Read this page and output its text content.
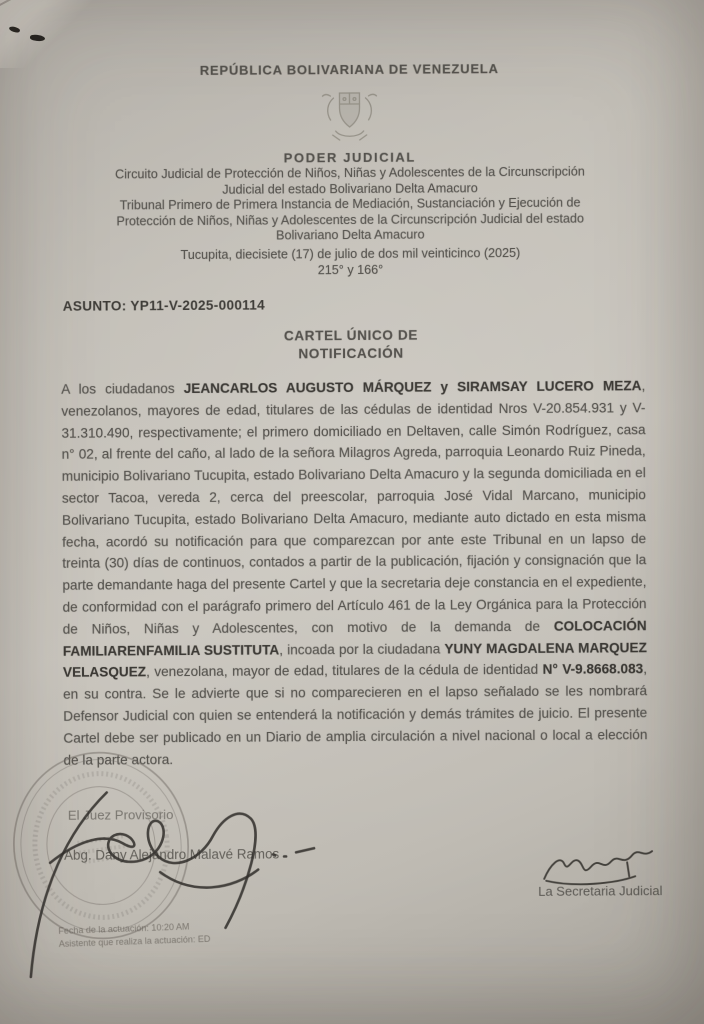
REPÚBLICA BOLIVARIANA DE VENEZUELA
PODER JUDICIAL
Circuito Judicial de Protección de Niños, Niñas y Adolescentes de la Circunscripción
Judicial del estado Bolivariano Delta Amacuro
Tribunal Primero de Primera Instancia de Mediación, Sustanciación y Ejecución de
Protección de Niños, Niñas y Adolescentes de la Circunscripción Judicial del estado
Bolivariano Delta Amacuro
Tucupita, diecisiete (17) de julio de dos mil veinticinco (2025)
215° y 166°
ASUNTO: YP11-V-2025-000114
CARTEL ÚNICO DE
NOTIFICACIÓN

A los ciudadanos JEANCARLOS AUGUSTO MÁRQUEZ y SIRAMSAY LUCERO MEZA, venezolanos, mayores de edad, titulares de las cédulas de identidad Nros V-20.854.931 y V-31.310.490, respectivamente; el primero domiciliado en Deltaven, calle Simón Rodríguez, casa n° 02, al frente del caño, al lado de la señora Milagros Agreda, parroquia Leonardo Ruiz Pineda, municipio Bolivariano Tucupita, estado Bolivariano Delta Amacuro y la segunda domiciliada en el sector Tacoa, vereda 2, cerca del preescolar, parroquia José Vidal Marcano, municipio Bolivariano Tucupita, estado Bolivariano Delta Amacuro, mediante auto dictado en esta misma fecha, acordó su notificación para que comparezcan por ante este Tribunal en un lapso de treinta (30) días de continuos, contados a partir de la publicación, fijación y consignación que la parte demandante haga del presente Cartel y que la secretaria deje constancia en el expediente, de conformidad con el parágrafo primero del Artículo 461 de la Ley Orgánica para la Protección de Niños, Niñas y Adolescentes, con motivo de la demanda de COLOCACIÓN FAMILIARENFAMILIA SUSTITUTA, incoada por la ciudadana YUNY MAGDALENA MARQUEZ VELASQUEZ, venezolana, mayor de edad, titulares de la cédula de identidad N° V-9.8668.083, en su contra. Se le advierte que si no comparecieren en el lapso señalado se les nombrará Defensor Judicial con quien se entenderá la notificación y demás trámites de juicio. El presente Cartel debe ser publicado en un Diario de amplia circulación a nivel nacional o local a elección de la parte actora.

El Juez Provisorio
Abg. Dany Alejandro Malavé Ramos
La Secretaria Judicial
Fecha de la actuación: 10:20 AM
Asistente que realiza la actuación: ED
